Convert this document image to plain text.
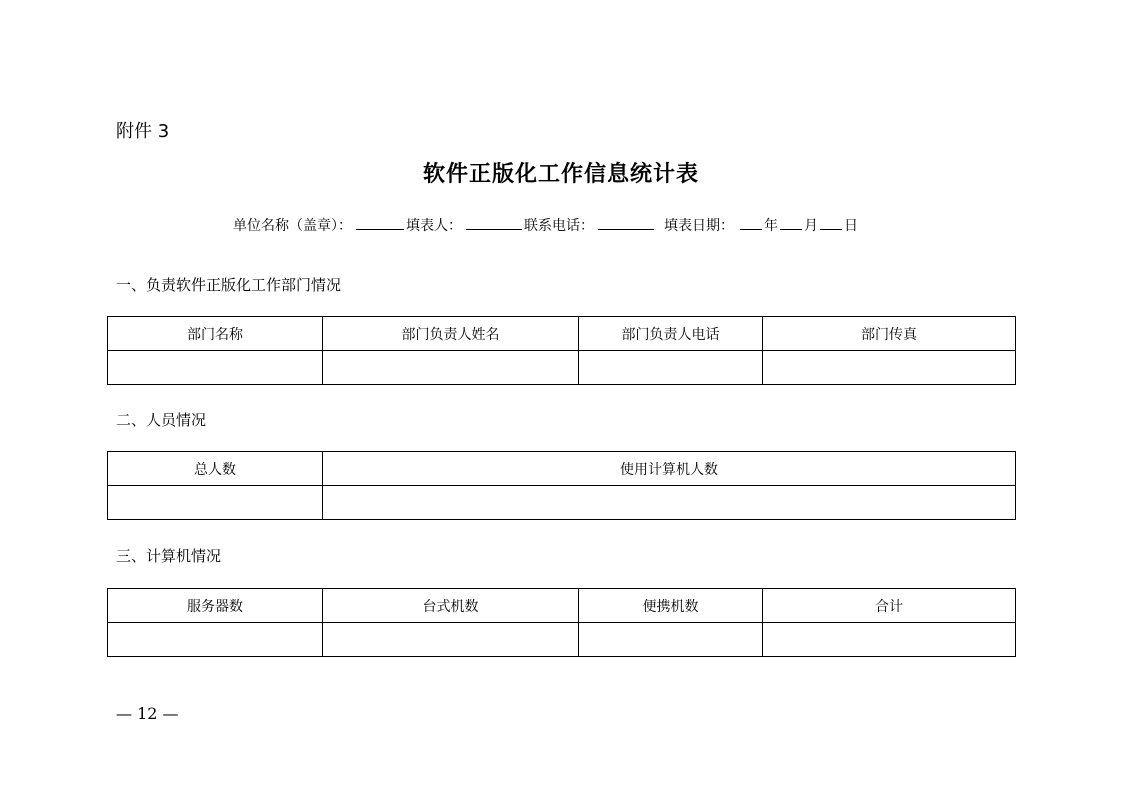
附件 3
软件正版化工作信息统计表
单位名称（盖章）：	填表人：	联系电话：	填表日期： 年 月 日
一、负责软件正版化工作部门情况
部门名称	部门负责人姓名	部门负责人电话	部门传真

二、人员情况
总人数	使用计算机人数

三、计算机情况
服务器数	台式机数	便携机数	合计

— 12 —
